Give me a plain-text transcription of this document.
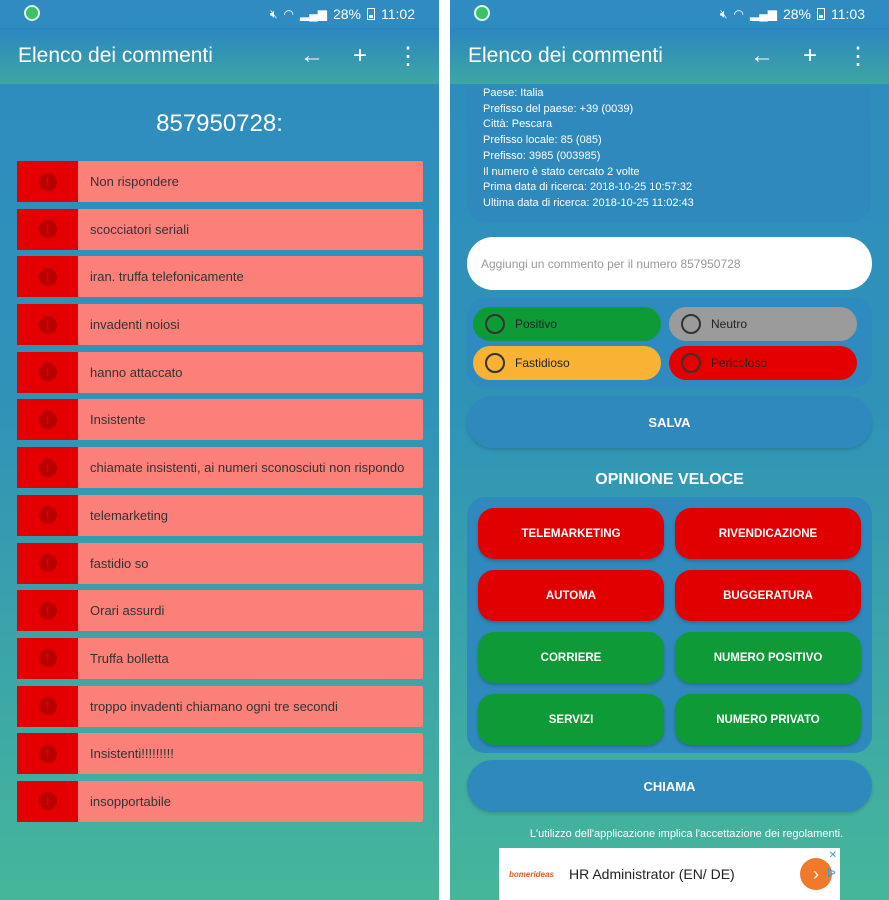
🔇︎ ◠ ▂▄▆ 28% 11:02
Elenco dei commenti	← + ⋮
857950728:
!	Non rispondere
!	scocciatori seriali
!	iran. truffa telefonicamente
!	invadenti noiosi
!	hanno attaccato
!	Insistente
!	chiamate insistenti, ai numeri sconosciuti non rispondo
!	telemarketing
!	fastidio so
!	Orari assurdi
!	Truffa bolletta
!	troppo invadenti chiamano ogni tre secondi
!	Insistenti!!!!!!!!!
!	insopportabile
🔇︎ ◠ ▂▄▆ 28% 11:03
Elenco dei commenti	← + ⋮
Paese: Italia
Prefisso del paese: +39 (0039)
Città: Pescara
Prefisso locale: 85 (085)
Prefisso: 3985 (003985)
Il numero è stato cercato 2 volte
Prima data di ricerca: 2018-10-25 10:57:32
Ultima data di ricerca: 2018-10-25 11:02:43
Aggiungi un commento per il numero 857950728
Positivo	Neutro
Fastidioso	Pericoloso
SALVA
OPINIONE VELOCE
TELEMARKETING	RIVENDICAZIONE
AUTOMA	BUGGERATURA
CORRIERE	NUMERO POSITIVO
SERVIZI	NUMERO PRIVATO
CHIAMA
L'utilizzo dell'applicazione implica l'accettazione dei regolamenti.
bomerideas	HR Administrator (EN/ DE)	›
✕
ᐅ
